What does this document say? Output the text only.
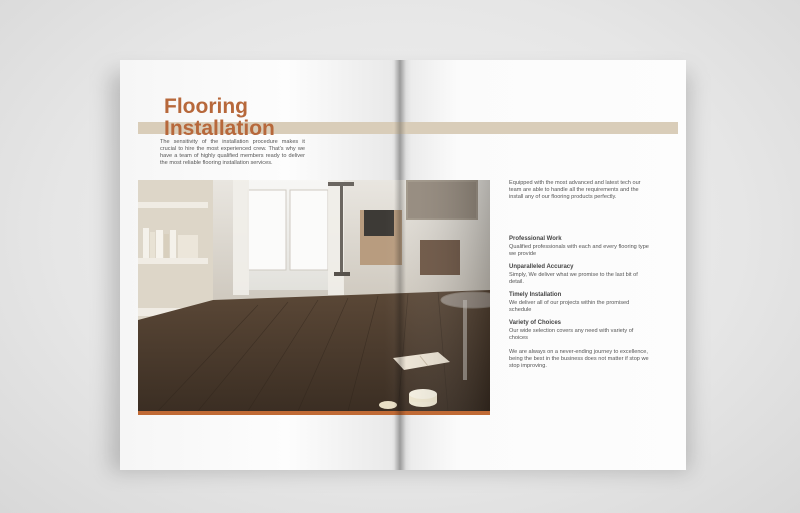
Flooring
Installation
The sensitivity of the installation procedure makes it crucial to hire the most experienced crew. That's why we have a team of highly qualified members ready to deliver the most reliable flooring installation services.
Equipped with the most advanced and latest tech our team are able to handle all the requirements and the install any of our flooring products perfectly.
Professional Work
Qualified professionals with each and every flooring type we provide
Unparalleled Accuracy
Simply, We deliver what we promise to the last bit of detail.
Timely Installation
We deliver all of our projects within the promised schedule
Variety of Choices
Our wide selection covers any need with variety of choices
We are always on a never-ending journey to excellence, being the best in the business does not matter if stop we stop improving.
